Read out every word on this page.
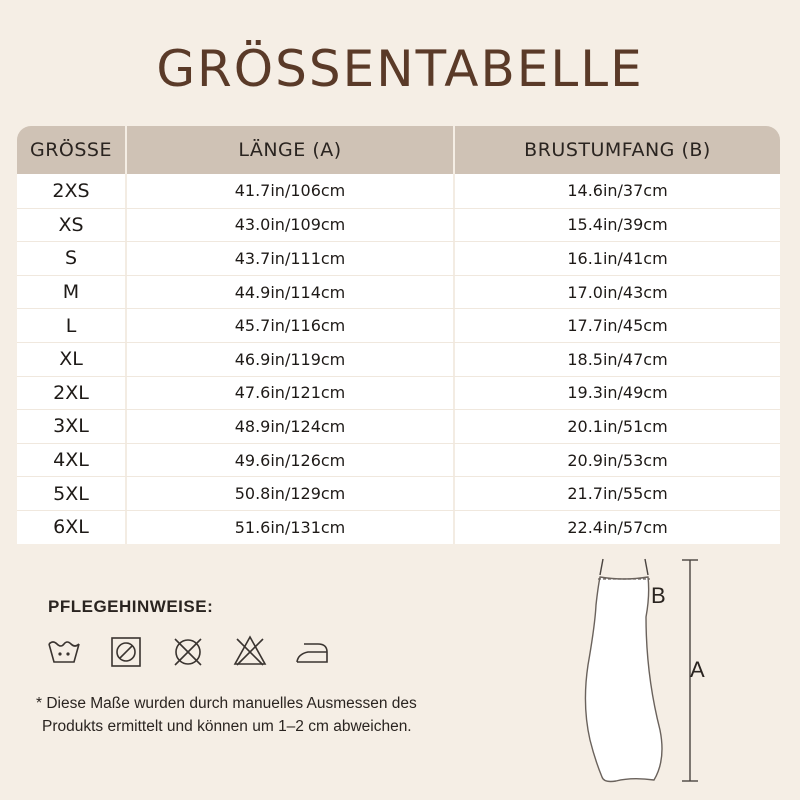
GRÖSSENTABELLE
GRÖSSE	LÄNGE (A)	BRUSTUMFANG (B)
2XS	41.7in/106cm	14.6in/37cm
XS	43.0in/109cm	15.4in/39cm
S	43.7in/111cm	16.1in/41cm
M	44.9in/114cm	17.0in/43cm
L	45.7in/116cm	17.7in/45cm
XL	46.9in/119cm	18.5in/47cm
2XL	47.6in/121cm	19.3in/49cm
3XL	48.9in/124cm	20.1in/51cm
4XL	49.6in/126cm	20.9in/53cm
5XL	50.8in/129cm	21.7in/55cm
6XL	51.6in/131cm	22.4in/57cm
PFLEGEHINWEISE:
* Diese Maße wurden durch manuelles Ausmessen des
Produkts ermittelt und können um 1–2 cm abweichen.
B
A
